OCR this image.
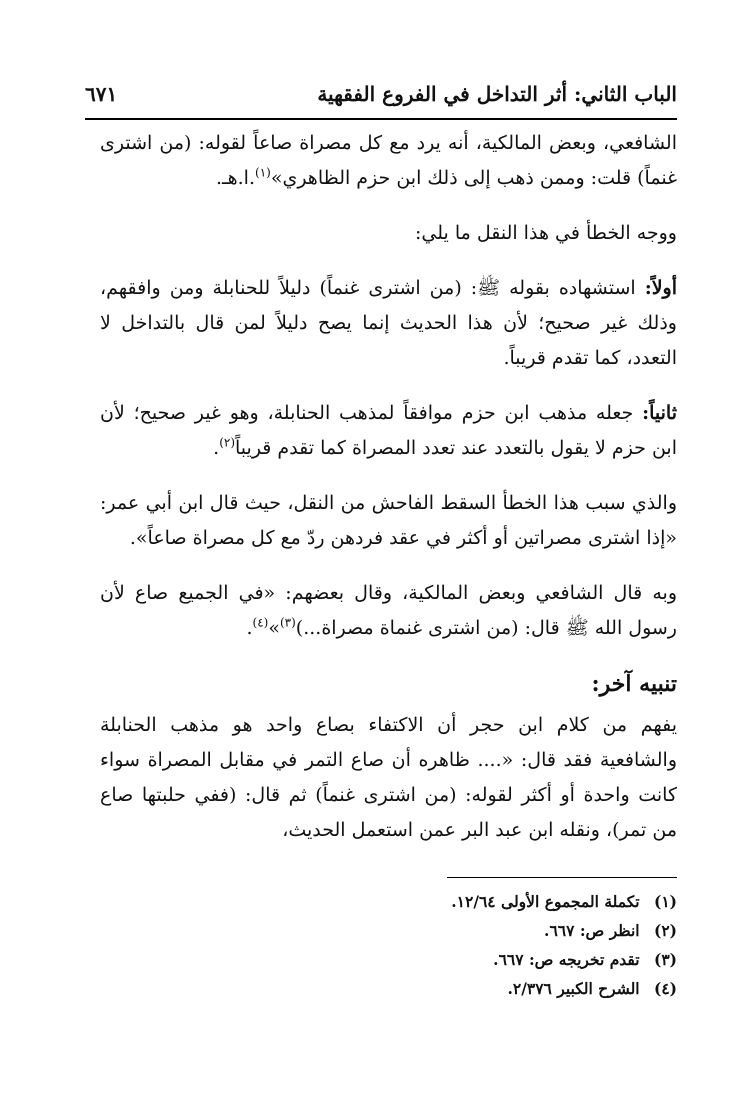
الباب الثاني: أثر التداخل في الفروع الفقهية
٦٧١

الشافعي، وبعض المالكية، أنه يرد مع كل مصراة صاعاً لقوله: (من اشترى غنماً) قلت: وممن ذهب إلى ذلك ابن حزم الظاهري»$^{(١)}$.ا.هـ.

ووجه الخطأ في هذا النقل ما يلي:

أولاً: استشهاده بقوله ﷺ: (من اشترى غنماً) دليلاً للحنابلة ومن وافقهم، وذلك غير صحيح؛ لأن هذا الحديث إنما يصح دليلاً لمن قال بالتداخل لا التعدد، كما تقدم قريباً.

ثانياً: جعله مذهب ابن حزم موافقاً لمذهب الحنابلة، وهو غير صحيح؛ لأن ابن حزم لا يقول بالتعدد عند تعدد المصراة كما تقدم قريباً$^{(٢)}$.

والذي سبب هذا الخطأ السقط الفاحش من النقل، حيث قال ابن أبي عمر: «إذا اشترى مصراتين أو أكثر في عقد فردهن ردّ مع كل مصراة صاعاً».

وبه قال الشافعي وبعض المالكية، وقال بعضهم: «في الجميع صاع لأن رسول الله ﷺ قال: (من اشترى غنماة مصراة...)$^{(٣)}$»$^{(٤)}$.

تنبيه آخر:

يفهم من كلام ابن حجر أن الاكتفاء بصاع واحد هو مذهب الحنابلة والشافعية فقد قال: «.... ظاهره أن صاع التمر في مقابل المصراة سواء كانت واحدة أو أكثر لقوله: (من اشترى غنماً) ثم قال: (ففي حلبتها صاع من تمر)، ونقله ابن عبد البر عمن استعمل الحديث،

(١) تكملة المجموع الأولى ١٢/٦٤.
(٢) انظر ص: ٦٦٧.
(٣) تقدم تخريجه ص: ٦٦٧.
(٤) الشرح الكبير ٢/٣٧٦.
